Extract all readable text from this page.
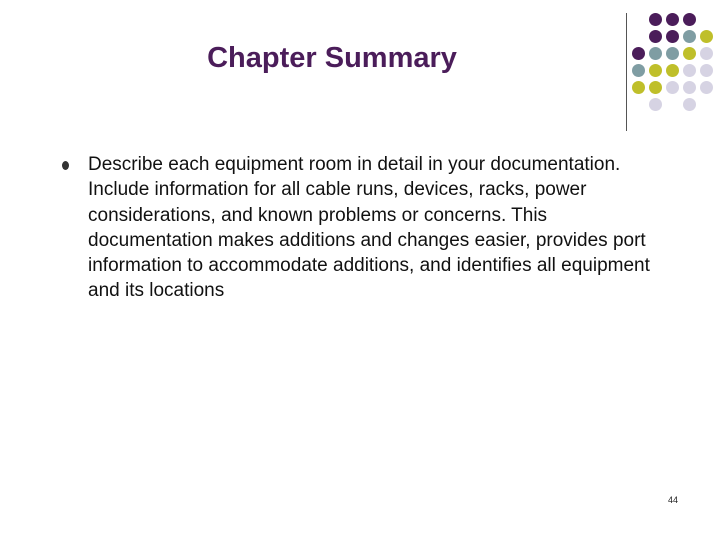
Chapter Summary
Describe each equipment room in detail in your documentation. Include information for all cable runs, devices, racks, power considerations, and known problems or concerns. This documentation makes additions and changes easier, provides port information to accommodate additions, and identifies all equipment and its locations
44
